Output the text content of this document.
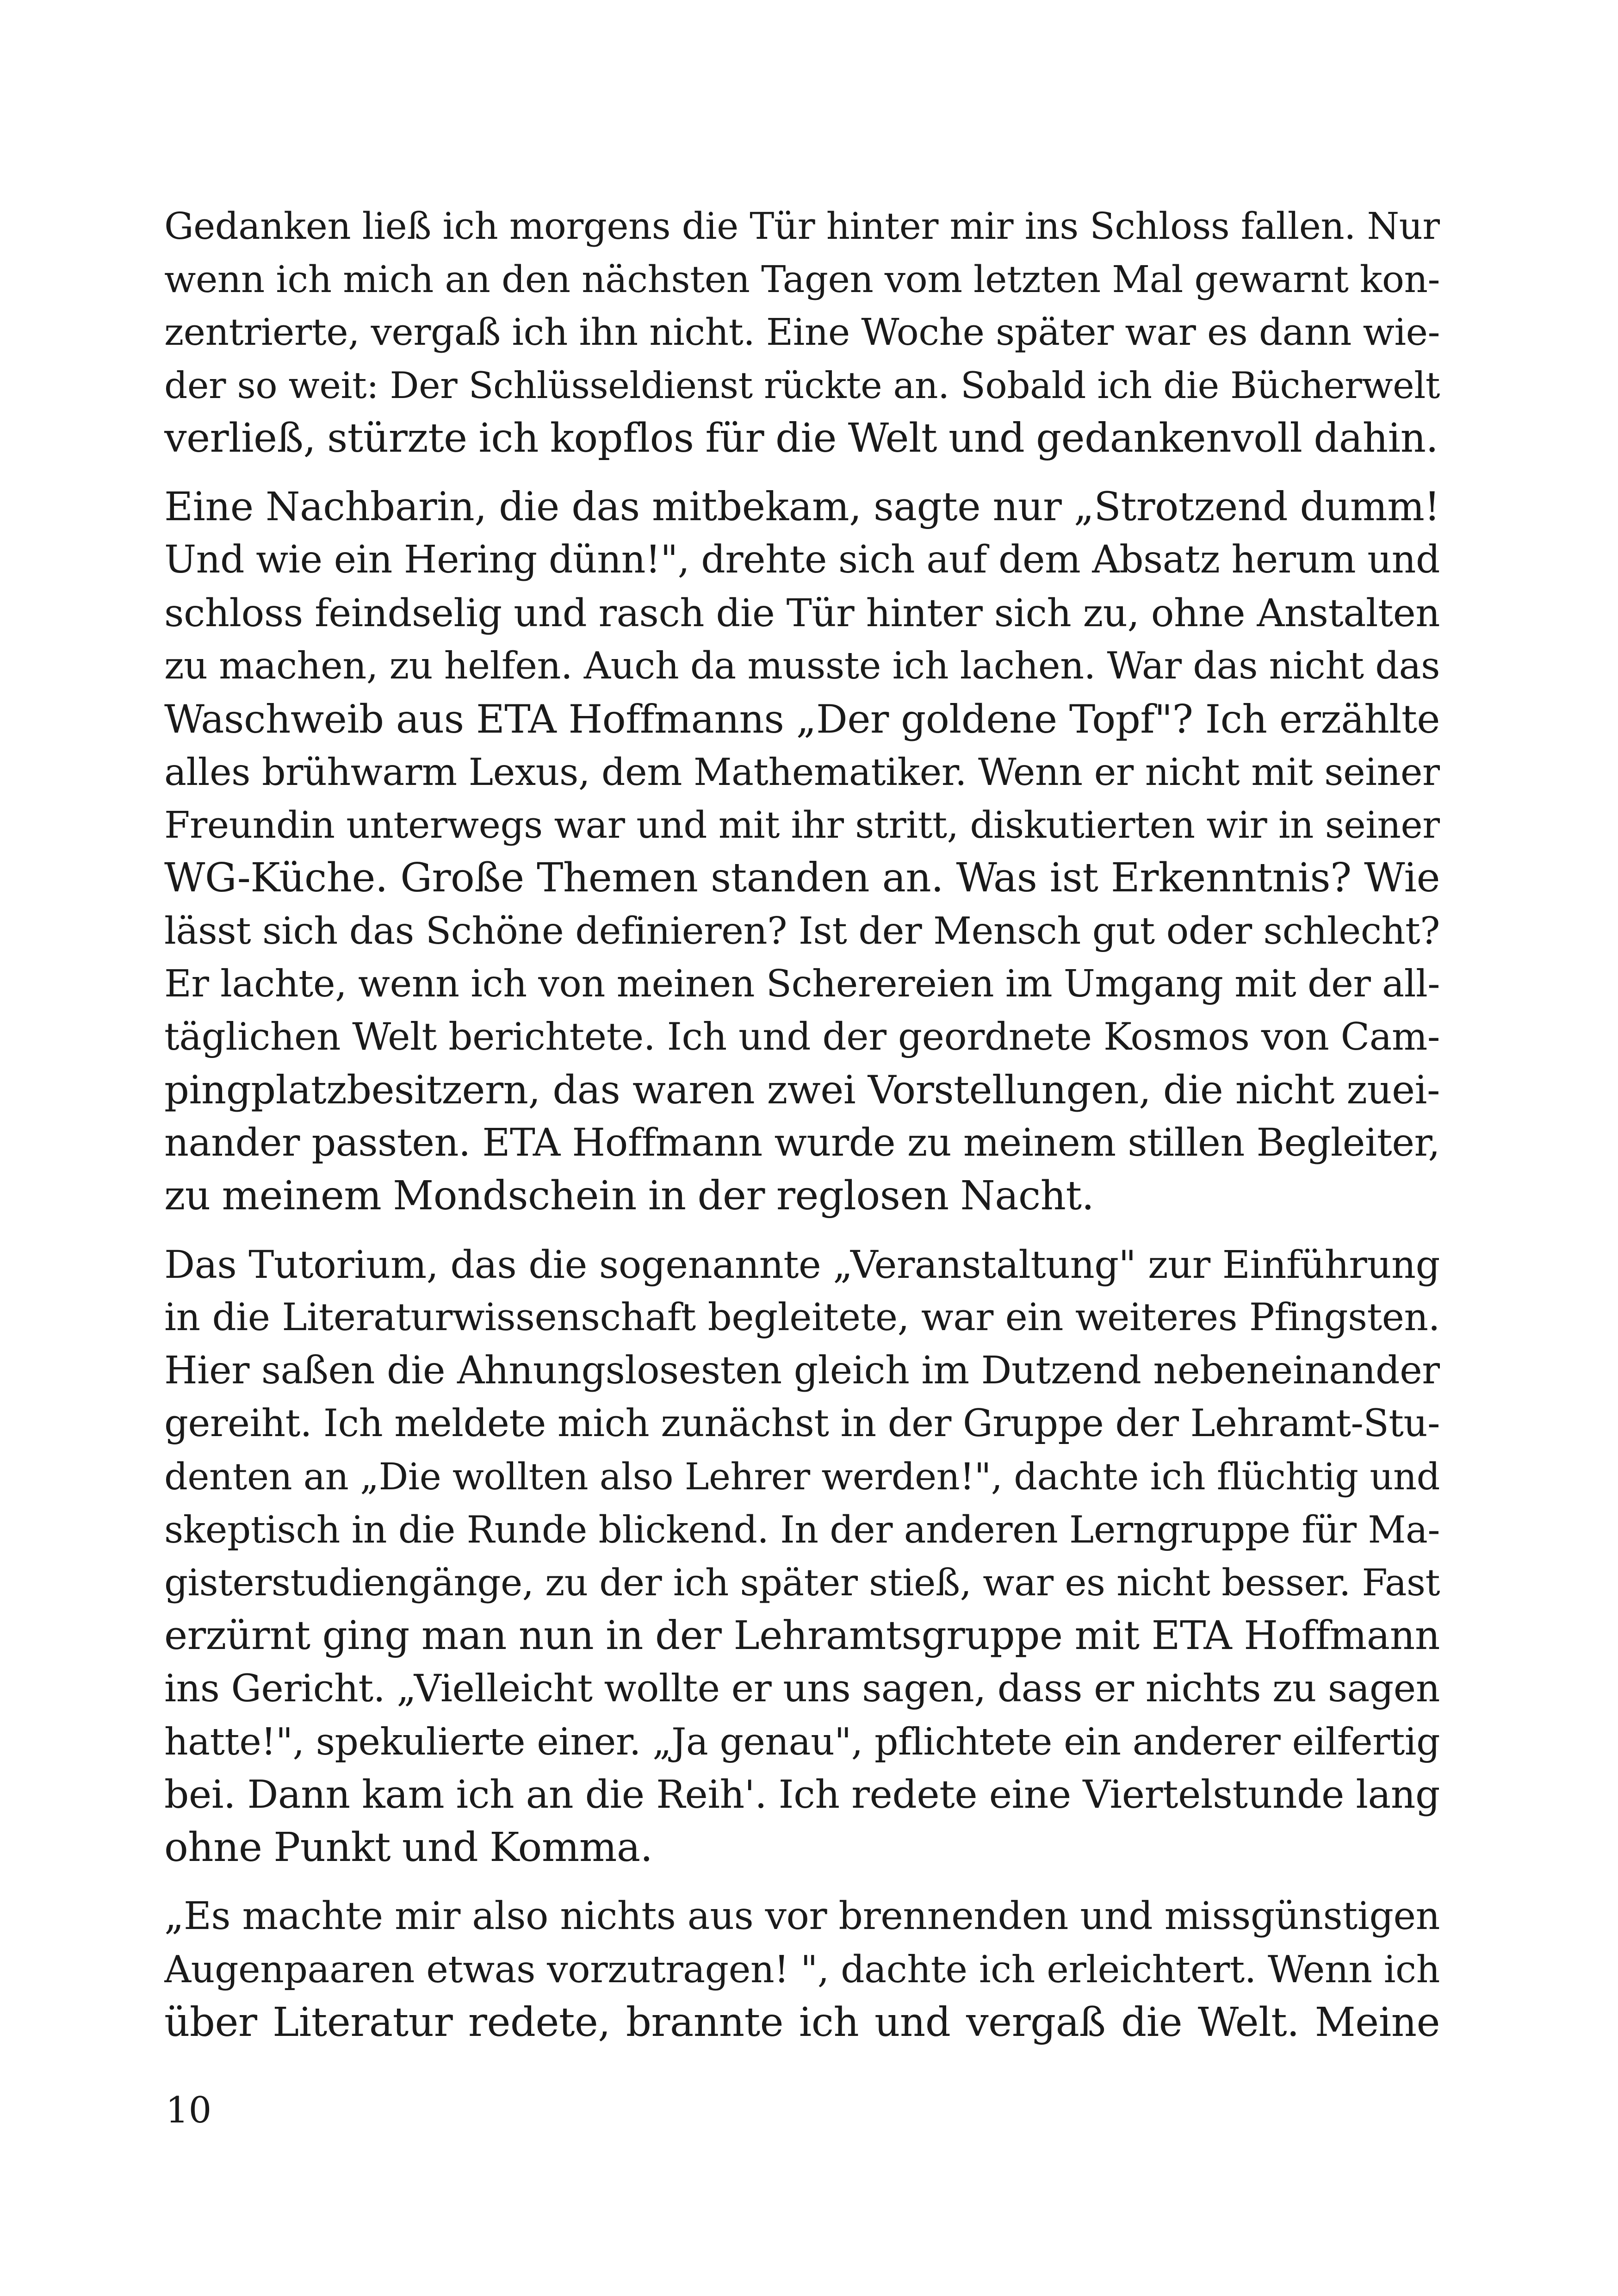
Gedanken ließ ich morgens die Tür hinter mir ins Schloss fallen. Nur
wenn ich mich an den nächsten Tagen vom letzten Mal gewarnt kon-
zentrierte, vergaß ich ihn nicht. Eine Woche später war es dann wie-
der so weit: Der Schlüsseldienst rückte an. Sobald ich die Bücherwelt
verließ, stürzte ich kopflos für die Welt und gedankenvoll dahin.

Eine Nachbarin, die das mitbekam, sagte nur „Strotzend dumm!
Und wie ein Hering dünn!", drehte sich auf dem Absatz herum und
schloss feindselig und rasch die Tür hinter sich zu, ohne Anstalten
zu machen, zu helfen. Auch da musste ich lachen. War das nicht das
Waschweib aus ETA Hoffmanns „Der goldene Topf"? Ich erzählte
alles brühwarm Lexus, dem Mathematiker. Wenn er nicht mit seiner
Freundin unterwegs war und mit ihr stritt, diskutierten wir in seiner
WG-Küche. Große Themen standen an. Was ist Erkenntnis? Wie
lässt sich das Schöne definieren? Ist der Mensch gut oder schlecht?
Er lachte, wenn ich von meinen Scherereien im Umgang mit der all-
täglichen Welt berichtete. Ich und der geordnete Kosmos von Cam-
pingplatzbesitzern, das waren zwei Vorstellungen, die nicht zuei-
nander passten. ETA Hoffmann wurde zu meinem stillen Begleiter,
zu meinem Mondschein in der reglosen Nacht.

Das Tutorium, das die sogenannte „Veranstaltung" zur Einführung
in die Literaturwissenschaft begleitete, war ein weiteres Pfingsten.
Hier saßen die Ahnungslosesten gleich im Dutzend nebeneinander
gereiht. Ich meldete mich zunächst in der Gruppe der Lehramt-Stu-
denten an „Die wollten also Lehrer werden!", dachte ich flüchtig und
skeptisch in die Runde blickend. In der anderen Lerngruppe für Ma-
gisterstudiengänge, zu der ich später stieß, war es nicht besser. Fast
erzürnt ging man nun in der Lehramtsgruppe mit ETA Hoffmann
ins Gericht. „Vielleicht wollte er uns sagen, dass er nichts zu sagen
hatte!", spekulierte einer. „Ja genau", pflichtete ein anderer eilfertig
bei. Dann kam ich an die Reih'. Ich redete eine Viertelstunde lang
ohne Punkt und Komma.

„Es machte mir also nichts aus vor brennenden und missgünstigen
Augenpaaren etwas vorzutragen! ", dachte ich erleichtert. Wenn ich
über Literatur redete, brannte ich und vergaß die Welt. Meine

10
